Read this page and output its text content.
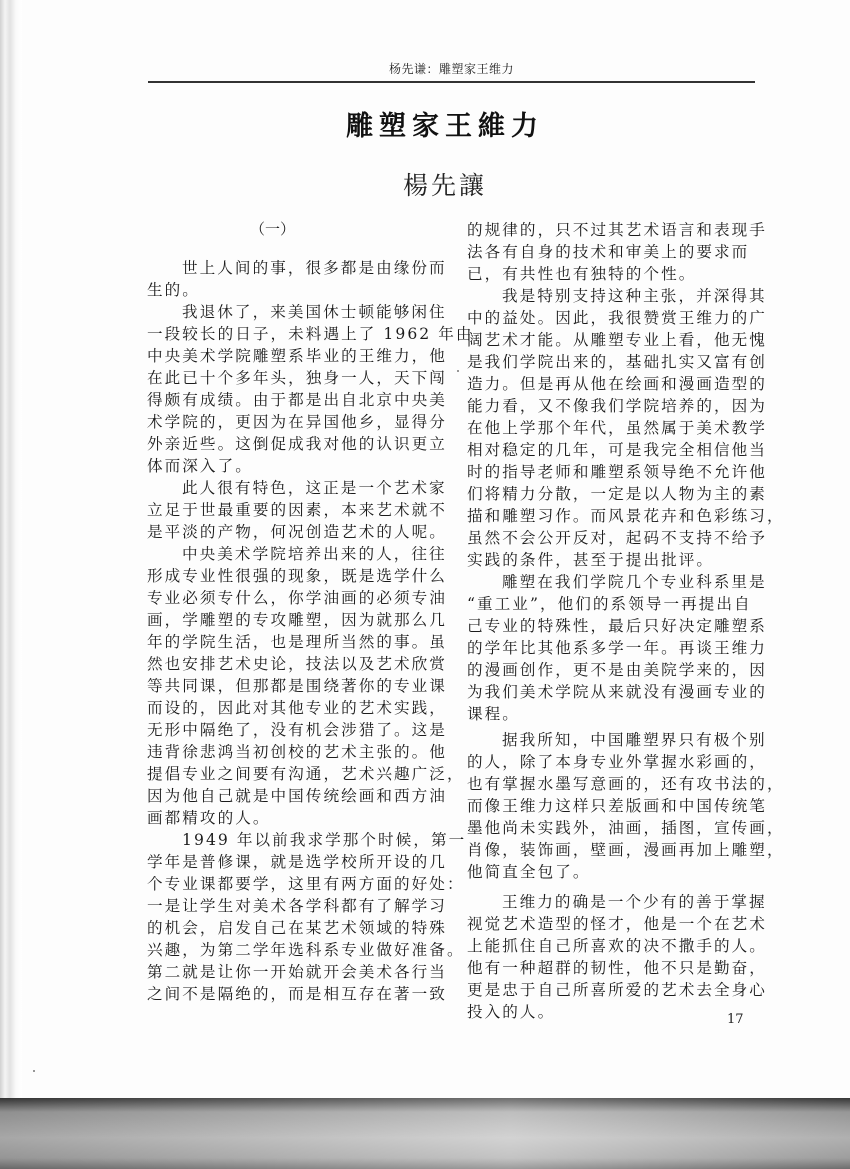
杨先谦：雕塑家王维力
雕塑家王維力
楊先讓
（一）
世上人间的事，很多都是由缘份而
生的。
我退休了，来美国休士顿能够闲住
一段较长的日子，未料遇上了 1962 年由
中央美术学院雕塑系毕业的王维力，他
在此已十个多年头，独身一人，天下闯
得颇有成绩。由于都是出自北京中央美
术学院的，更因为在异国他乡，显得分
外亲近些。这倒促成我对他的认识更立
体而深入了。
此人很有特色，这正是一个艺术家
立足于世最重要的因素，本来艺术就不
是平淡的产物，何况创造艺术的人呢。
中央美术学院培养出来的人，往往
形成专业性很强的现象，既是选学什么
专业必须专什么，你学油画的必须专油
画，学雕塑的专攻雕塑，因为就那么几
年的学院生活，也是理所当然的事。虽
然也安排艺术史论，技法以及艺术欣赏
等共同课，但那都是围绕著你的专业课
而设的，因此对其他专业的艺术实践，
无形中隔绝了，没有机会涉猎了。这是
违背徐悲鸿当初创校的艺术主张的。他
提倡专业之间要有沟通，艺术兴趣广泛，
因为他自己就是中国传统绘画和西方油
画都精攻的人。
1949 年以前我求学那个时候，第一
学年是普修课，就是选学校所开设的几
个专业课都要学，这里有两方面的好处：
一是让学生对美术各学科都有了解学习
的机会，启发自己在某艺术领域的特殊
兴趣，为第二学年选科系专业做好准备。
第二就是让你一开始就开会美术各行当
之间不是隔绝的，而是相互存在著一致
的规律的，只不过其艺术语言和表现手
法各有自身的技术和审美上的要求而
已，有共性也有独特的个性。
我是特别支持这种主张，并深得其
中的益处。因此，我很赞赏王维力的广
阔艺术才能。从雕塑专业上看，他无愧
是我们学院出来的，基础扎实又富有创
造力。但是再从他在绘画和漫画造型的
能力看，又不像我们学院培养的，因为
在他上学那个年代，虽然属于美术教学
相对稳定的几年，可是我完全相信他当
时的指导老师和雕塑系领导绝不允许他
们将精力分散，一定是以人物为主的素
描和雕塑习作。而风景花卉和色彩练习，
虽然不会公开反对，起码不支持不给予
实践的条件，甚至于提出批评。
雕塑在我们学院几个专业科系里是
“重工业”，他们的系领导一再提出自
己专业的特殊性，最后只好决定雕塑系
的学年比其他系多学一年。再谈王维力
的漫画创作，更不是由美院学来的，因
为我们美术学院从来就没有漫画专业的
课程。
据我所知，中国雕塑界只有极个别
的人，除了本身专业外掌握水彩画的，
也有掌握水墨写意画的，还有攻书法的，
而像王维力这样只差版画和中国传统笔
墨他尚未实践外，油画，插图，宣传画，
肖像，装饰画，壁画，漫画再加上雕塑，
他简直全包了。
王维力的确是一个少有的善于掌握
视觉艺术造型的怪才，他是一个在艺术
上能抓住自己所喜欢的决不撒手的人。
他有一种超群的韧性，他不只是勤奋，
更是忠于自己所喜所爱的艺术去全身心
投入的人。	17
